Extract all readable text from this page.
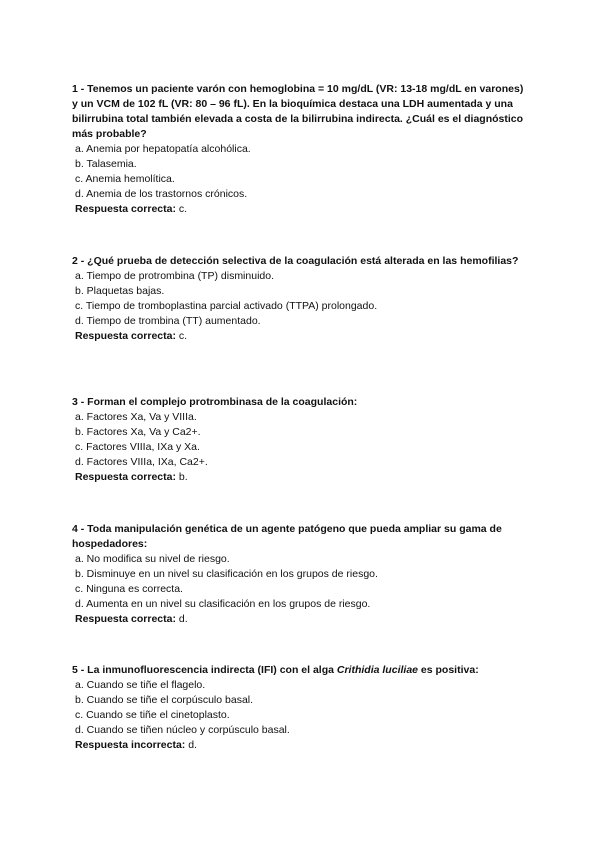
1 - Tenemos un paciente varón con hemoglobina = 10 mg/dL (VR: 13-18 mg/dL en varones) y un VCM de 102 fL (VR: 80 – 96 fL). En la bioquímica destaca una LDH aumentada y una bilirrubina total también elevada a costa de la bilirrubina indirecta. ¿Cuál es el diagnóstico más probable?
a. Anemia por hepatopatía alcohólica.
b. Talasemia.
c. Anemia hemolítica.
d. Anemia de los trastornos crónicos.
Respuesta correcta: c.
2 - ¿Qué prueba de detección selectiva de la coagulación está alterada en las hemofilias?
a. Tiempo de protrombina (TP) disminuido.
b. Plaquetas bajas.
c. Tiempo de tromboplastina parcial activado (TTPA) prolongado.
d. Tiempo de trombina (TT) aumentado.
Respuesta correcta: c.
3 - Forman el complejo protrombinasa de la coagulación:
a. Factores Xa, Va y VIIIa.
b. Factores Xa, Va y Ca2+.
c. Factores VIIIa, IXa y Xa.
d. Factores VIIIa, IXa, Ca2+.
Respuesta correcta: b.
4 - Toda manipulación genética de un agente patógeno que pueda ampliar su gama de hospedadores:
a. No modifica su nivel de riesgo.
b. Disminuye en un nivel su clasificación en los grupos de riesgo.
c. Ninguna es correcta.
d. Aumenta en un nivel su clasificación en los grupos de riesgo.
Respuesta correcta: d.
5 - La inmunofluorescencia indirecta (IFI) con el alga Crithidia luciliae es positiva:
a. Cuando se tiñe el flagelo.
b. Cuando se tiñe el corpúsculo basal.
c. Cuando se tiñe el cinetoplasto.
d. Cuando se tiñen núcleo y corpúsculo basal.
Respuesta incorrecta: d.
